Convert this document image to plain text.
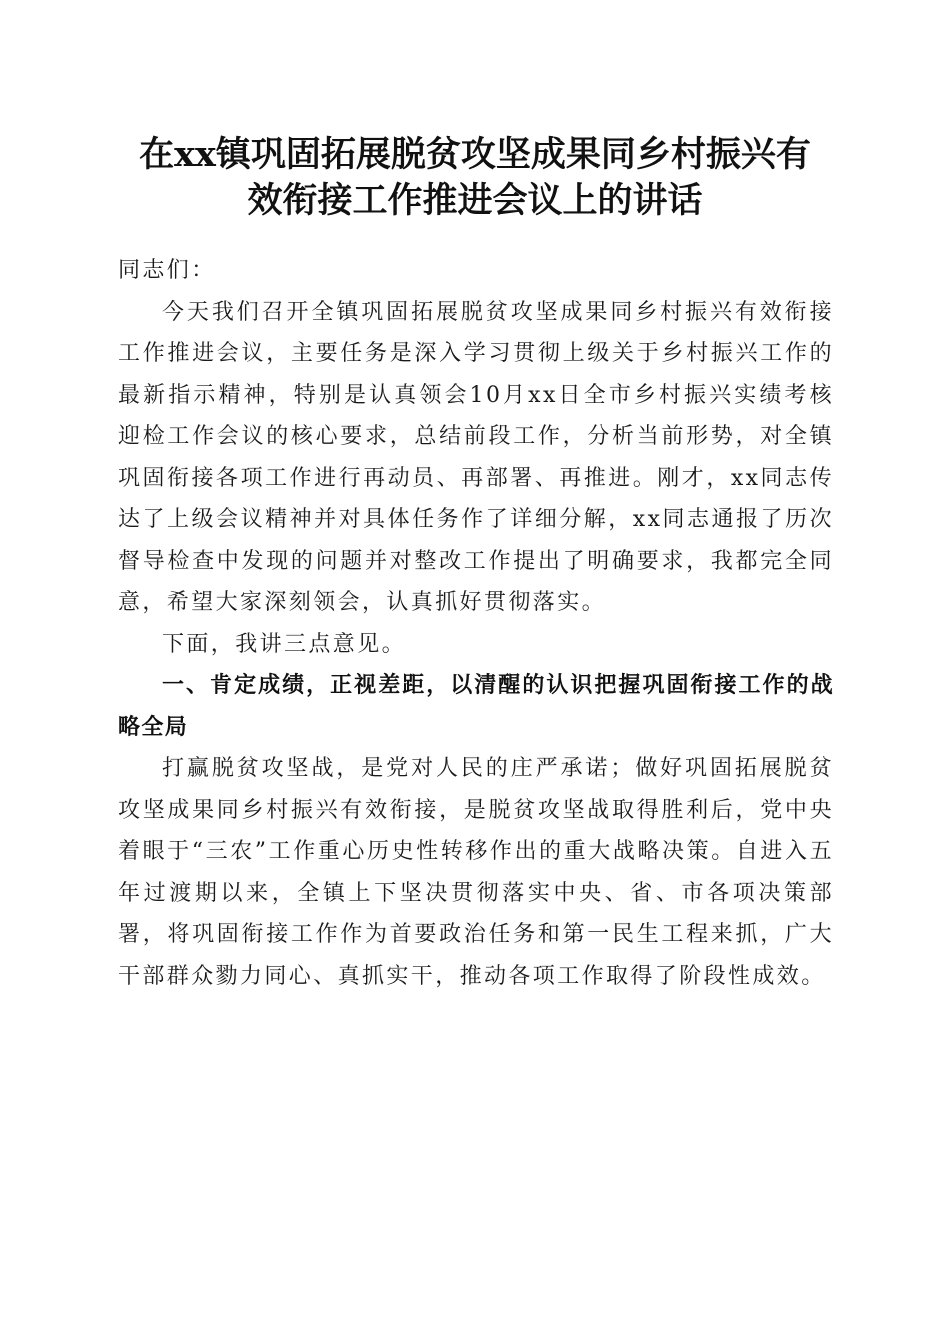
在xx镇巩固拓展脱贫攻坚成果同乡村振兴有
效衔接工作推进会议上的讲话

同志们：

今天我们召开全镇巩固拓展脱贫攻坚成果同乡村振兴有效衔接工作推进会议，主要任务是深入学习贯彻上级关于乡村振兴工作的最新指示精神，特别是认真领会10月xx日全市乡村振兴实绩考核迎检工作会议的核心要求，总结前段工作，分析当前形势，对全镇巩固衔接各项工作进行再动员、再部署、再推进。刚才，xx同志传达了上级会议精神并对具体任务作了详细分解，xx同志通报了历次督导检查中发现的问题并对整改工作提出了明确要求，我都完全同意，希望大家深刻领会，认真抓好贯彻落实。

下面，我讲三点意见。

一、肯定成绩，正视差距，以清醒的认识把握巩固衔接工作的战略全局

打赢脱贫攻坚战，是党对人民的庄严承诺；做好巩固拓展脱贫攻坚成果同乡村振兴有效衔接，是脱贫攻坚战取得胜利后，党中央着眼于“三农”工作重心历史性转移作出的重大战略决策。自进入五年过渡期以来，全镇上下坚决贯彻落实中央、省、市各项决策部署，将巩固衔接工作作为首要政治任务和第一民生工程来抓，广大干部群众勠力同心、真抓实干，推动各项工作取得了阶段性成效。
